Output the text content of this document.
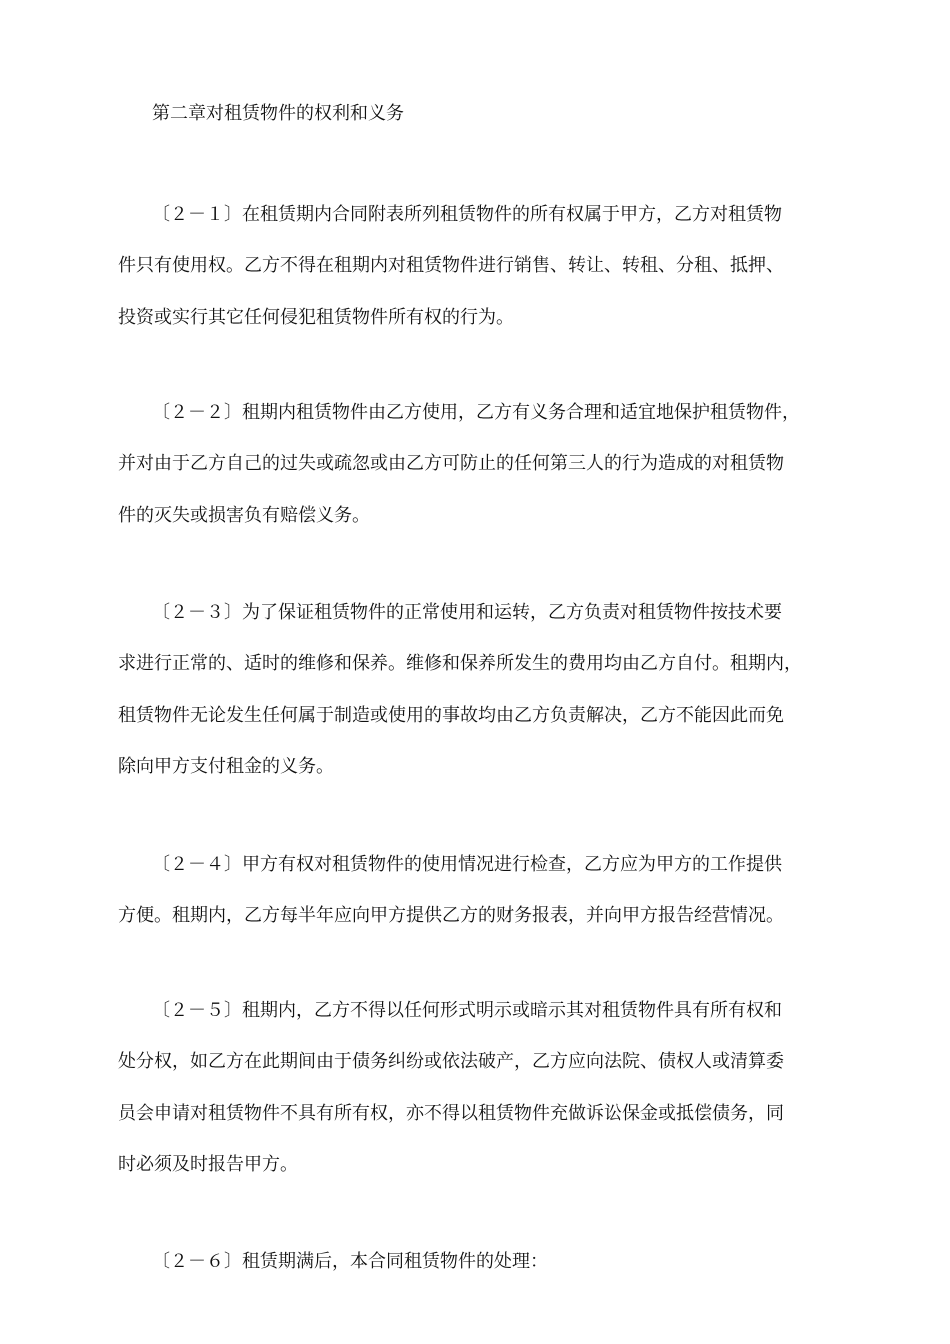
第二章对租赁物件的权利和义务
〔２－１〕在租赁期内合同附表所列租赁物件的所有权属于甲方，乙方对租赁物
件只有使用权。乙方不得在租期内对租赁物件进行销售、转让、转租、分租、抵押、
投资或实行其它任何侵犯租赁物件所有权的行为。
〔２－２〕租期内租赁物件由乙方使用，乙方有义务合理和适宜地保护租赁物件，
并对由于乙方自己的过失或疏忽或由乙方可防止的任何第三人的行为造成的对租赁物
件的灭失或损害负有赔偿义务。
〔２－３〕为了保证租赁物件的正常使用和运转，乙方负责对租赁物件按技术要
求进行正常的、适时的维修和保养。维修和保养所发生的费用均由乙方自付。租期内，
租赁物件无论发生任何属于制造或使用的事故均由乙方负责解决，乙方不能因此而免
除向甲方支付租金的义务。
〔２－４〕甲方有权对租赁物件的使用情况进行检查，乙方应为甲方的工作提供
方便。租期内，乙方每半年应向甲方提供乙方的财务报表，并向甲方报告经营情况。
〔２－５〕租期内，乙方不得以任何形式明示或暗示其对租赁物件具有所有权和
处分权，如乙方在此期间由于债务纠纷或依法破产，乙方应向法院、债权人或清算委
员会申请对租赁物件不具有所有权，亦不得以租赁物件充做诉讼保金或抵偿债务，同
时必须及时报告甲方。
〔２－６〕租赁期满后，本合同租赁物件的处理：
